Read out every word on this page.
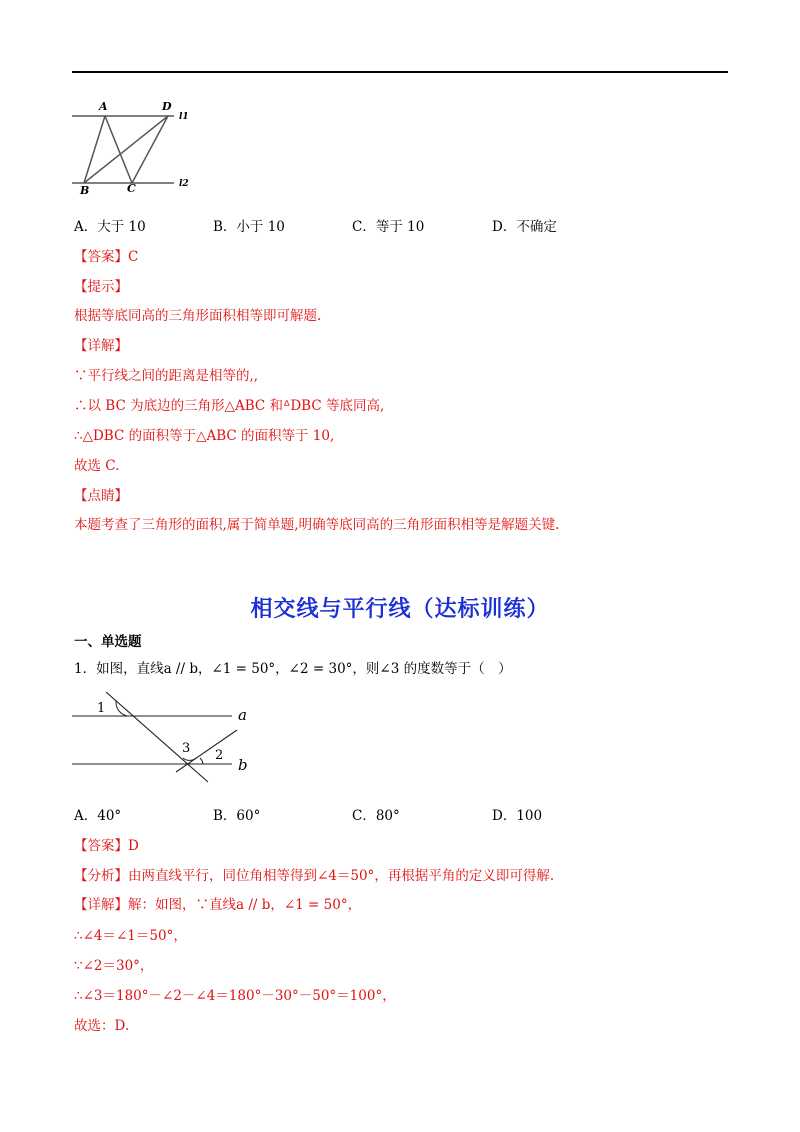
A	D
l1
B	C	l2
A．大于 10	B．小于 10	C．等于 10	D．不确定
【答案】C
【提示】
根据等底同高的三角形面积相等即可解题.
【详解】
∵平行线之间的距离是相等的,,
∴以 BC 为底边的三角形△ABC 和ᐞDBC 等底同高,
∴△DBC 的面积等于△ABC 的面积等于 10,
故选 C.
【点睛】
本题考查了三角形的面积,属于简单题,明确等底同高的三角形面积相等是解题关键.
相交线与平行线（达标训练）
一、单选题
1．如图，直线a // b，∠1 = 50°，∠2 = 30°，则∠3 的度数等于（　）
1	a
3 2
b
A．40°	B．60°	C．80°	D．100
【答案】D
【分析】由两直线平行，同位角相等得到∠4＝50°，再根据平角的定义即可得解.
【详解】解：如图，∵直线a // b，∠1 = 50°，
∴∠4＝∠1＝50°，
∵∠2＝30°，
∴∠3＝180°－∠2－∠4＝180°－30°－50°＝100°，
故选：D.
